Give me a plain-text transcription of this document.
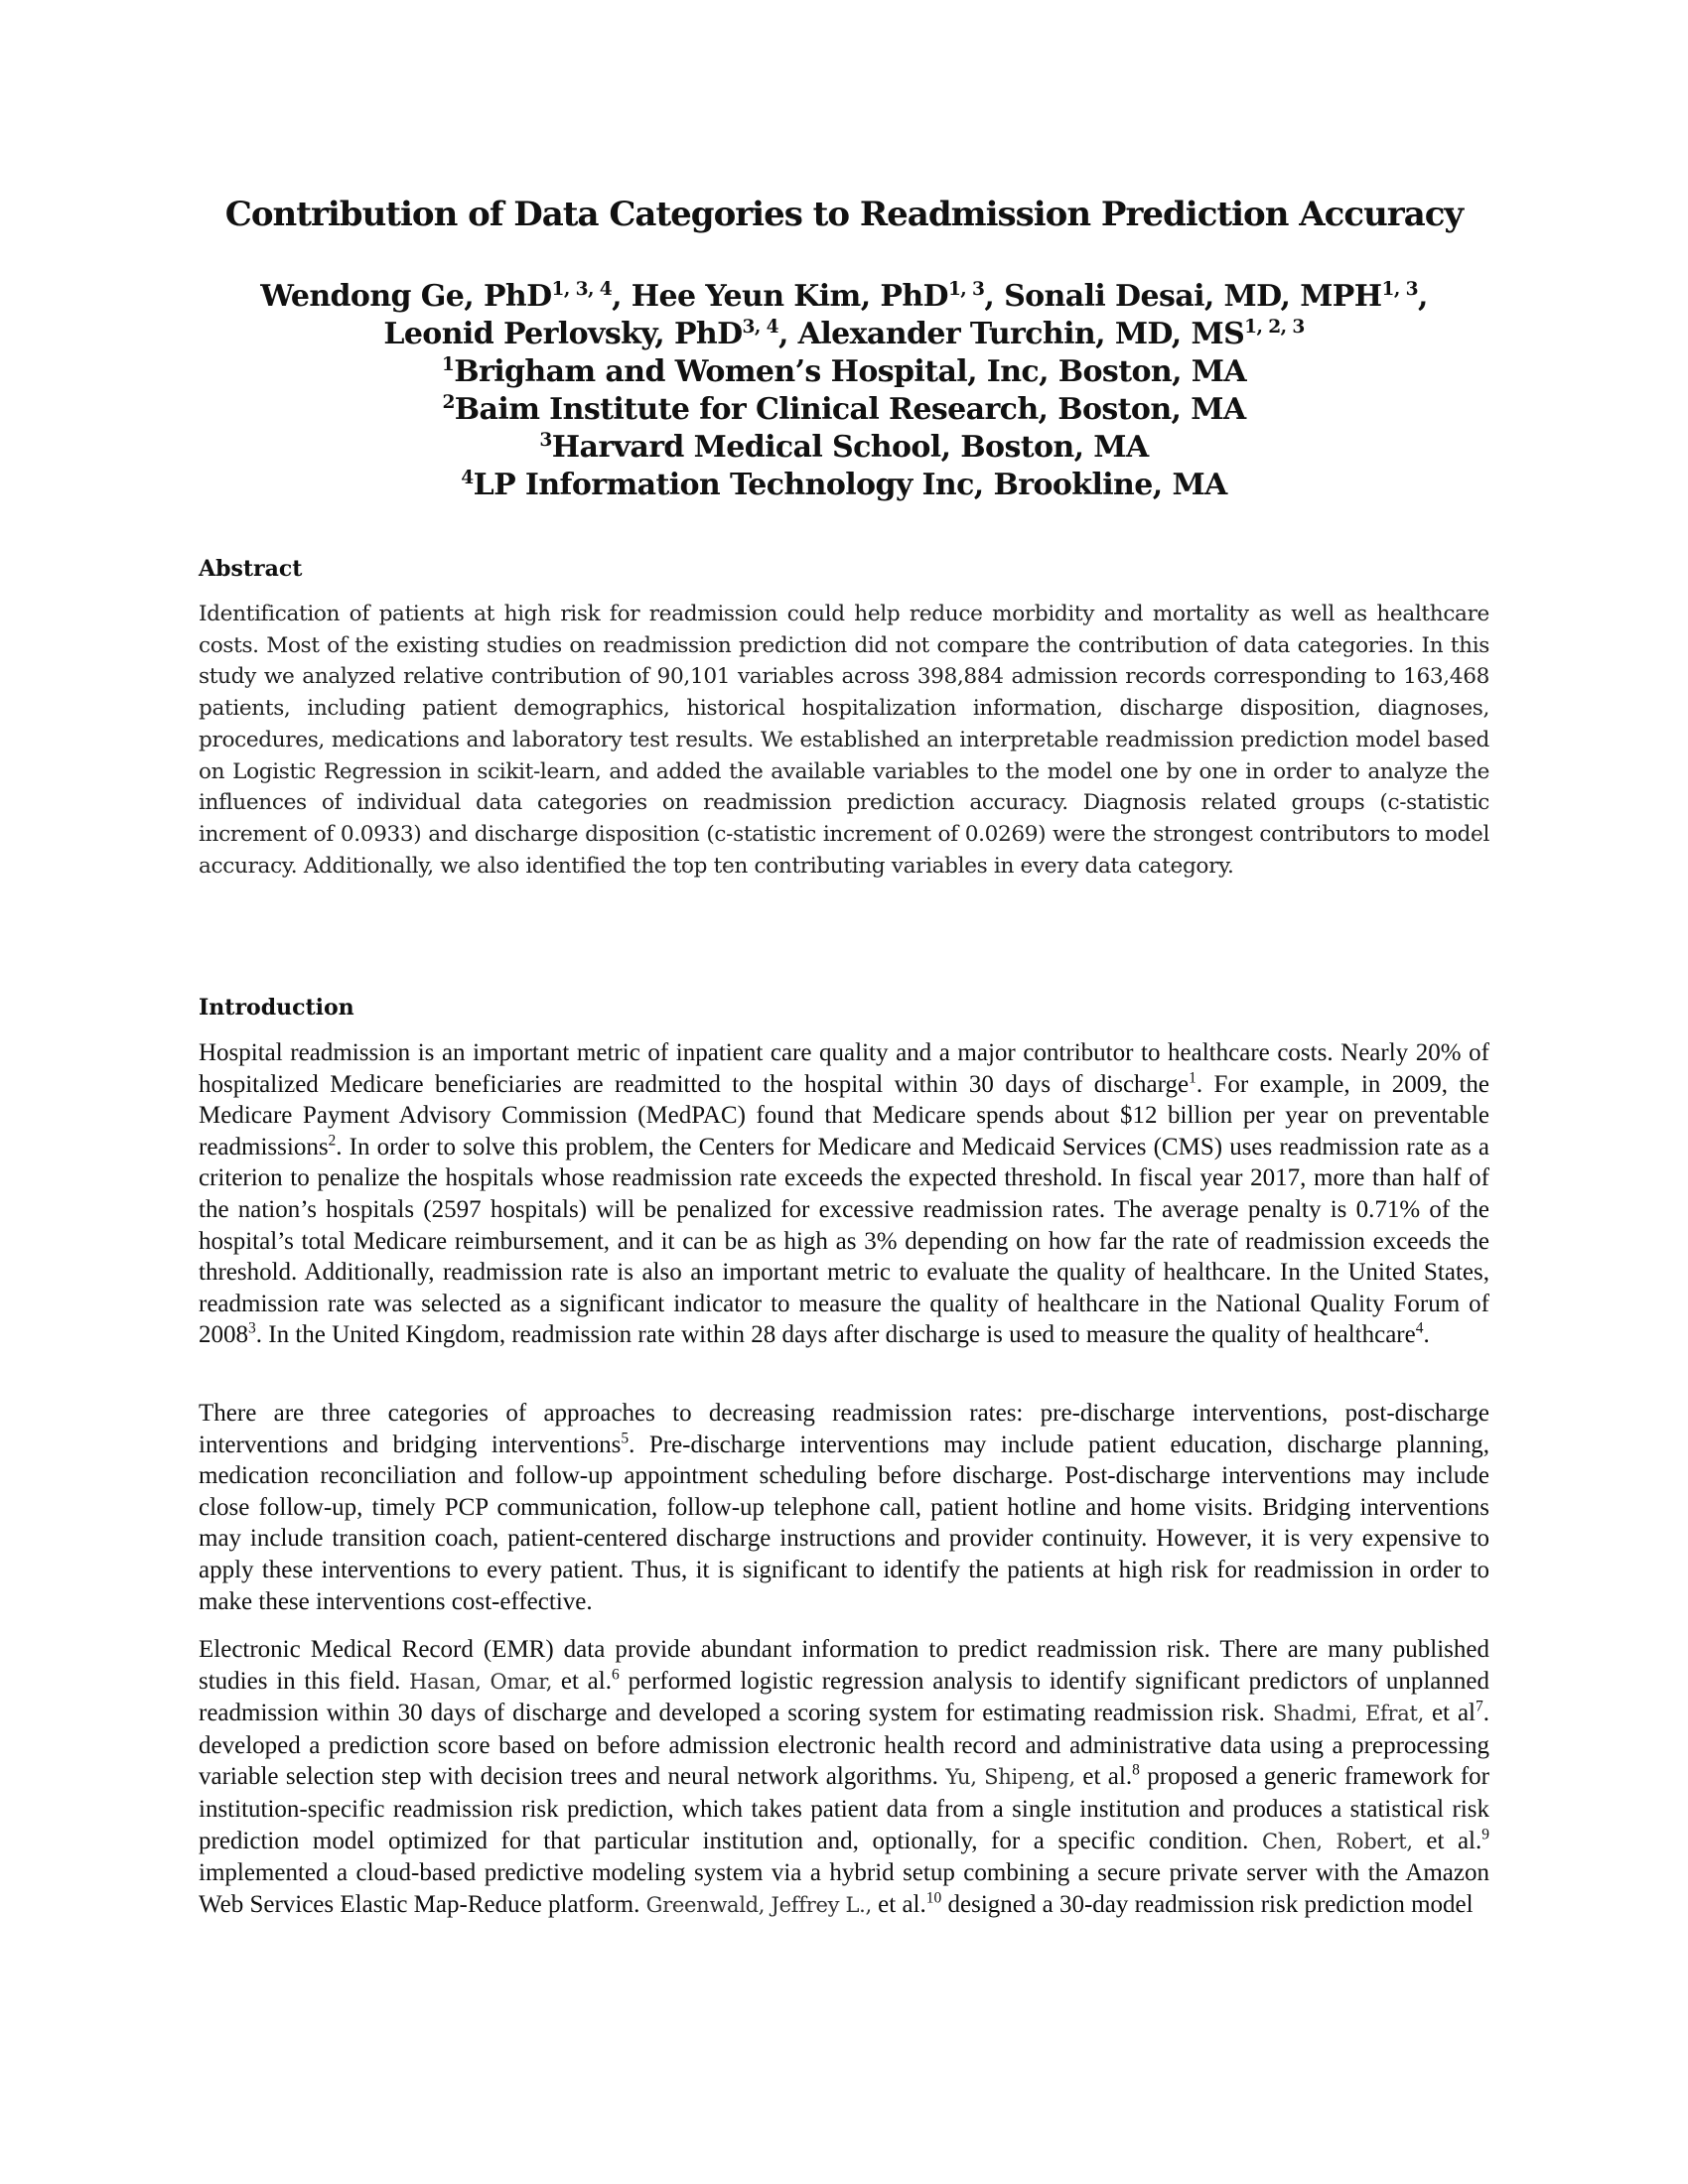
Contribution of Data Categories to Readmission Prediction Accuracy
Wendong Ge, PhD$^{1, 3, 4}$, Hee Yeun Kim, PhD$^{1, 3}$, Sonali Desai, MD, MPH$^{1, 3}$,
Leonid Perlovsky, PhD$^{3, 4}$, Alexander Turchin, MD, MS$^{1, 2, 3}$
$^1$Brigham and Women’s Hospital, Inc, Boston, MA
$^2$Baim Institute for Clinical Research, Boston, MA
$^3$Harvard Medical School, Boston, MA
$^4$LP Information Technology Inc, Brookline, MA
Abstract

Identification of patients at high risk for readmission could help reduce morbidity and mortality as well as healthcare costs. Most of the existing studies on readmission prediction did not compare the contribution of data categories. In this study we analyzed relative contribution of 90,101 variables across 398,884 admission records corresponding to 163,468 patients, including patient demographics, historical hospitalization information, discharge disposition, diagnoses, procedures, medications and laboratory test results. We established an interpretable readmission prediction model based on Logistic Regression in scikit-learn, and added the available variables to the model one by one in order to analyze the influences of individual data categories on readmission prediction accuracy. Diagnosis related groups (c-statistic increment of 0.0933) and discharge disposition (c-statistic increment of 0.0269) were the strongest contributors to model accuracy. Additionally, we also identified the top ten contributing variables in every data category.

Introduction

Hospital readmission is an important metric of inpatient care quality and a major contributor to healthcare costs. Nearly 20% of hospitalized Medicare beneficiaries are readmitted to the hospital within 30 days of discharge$^1$. For example, in 2009, the Medicare Payment Advisory Commission (MedPAC) found that Medicare spends about $12 billion per year on preventable readmissions$^2$. In order to solve this problem, the Centers for Medicare and Medicaid Services (CMS) uses readmission rate as a criterion to penalize the hospitals whose readmission rate exceeds the expected threshold. In fiscal year 2017, more than half of the nation’s hospitals (2597 hospitals) will be penalized for excessive readmission rates. The average penalty is 0.71% of the hospital’s total Medicare reimbursement, and it can be as high as 3% depending on how far the rate of readmission exceeds the threshold. Additionally, readmission rate is also an important metric to evaluate the quality of healthcare. In the United States, readmission rate was selected as a significant indicator to measure the quality of healthcare in the National Quality Forum of 2008$^3$. In the United Kingdom, readmission rate within 28 days after discharge is used to measure the quality of healthcare$^4$.

There are three categories of approaches to decreasing readmission rates: pre-discharge interventions, post-discharge interventions and bridging interventions$^5$. Pre-discharge interventions may include patient education, discharge planning, medication reconciliation and follow-up appointment scheduling before discharge. Post-discharge interventions may include close follow-up, timely PCP communication, follow-up telephone call, patient hotline and home visits. Bridging interventions may include transition coach, patient-centered discharge instructions and provider continuity. However, it is very expensive to apply these interventions to every patient. Thus, it is significant to identify the patients at high risk for readmission in order to make these interventions cost-effective.

Electronic Medical Record (EMR) data provide abundant information to predict readmission risk. There are many published studies in this field. Hasan, Omar, et al.$^6$ performed logistic regression analysis to identify significant predictors of unplanned readmission within 30 days of discharge and developed a scoring system for estimating readmission risk. Shadmi, Efrat, et $al^7$. developed a prediction score based on before admission electronic health record and administrative data using a preprocessing variable selection step with decision trees and neural network algorithms. Yu, Shipeng, et al.$^8$ proposed a generic framework for institution-specific readmission risk prediction, which takes patient data from a single institution and produces a statistical risk prediction model optimized for that particular institution and, optionally, for a specific condition. Chen, Robert, et al.$^9$ implemented a cloud-based predictive modeling system via a hybrid setup combining a secure private server with the Amazon Web Services Elastic Map-Reduce platform. Greenwald, Jeffrey L., et al.$^{10}$ designed a 30-day readmission risk prediction model
